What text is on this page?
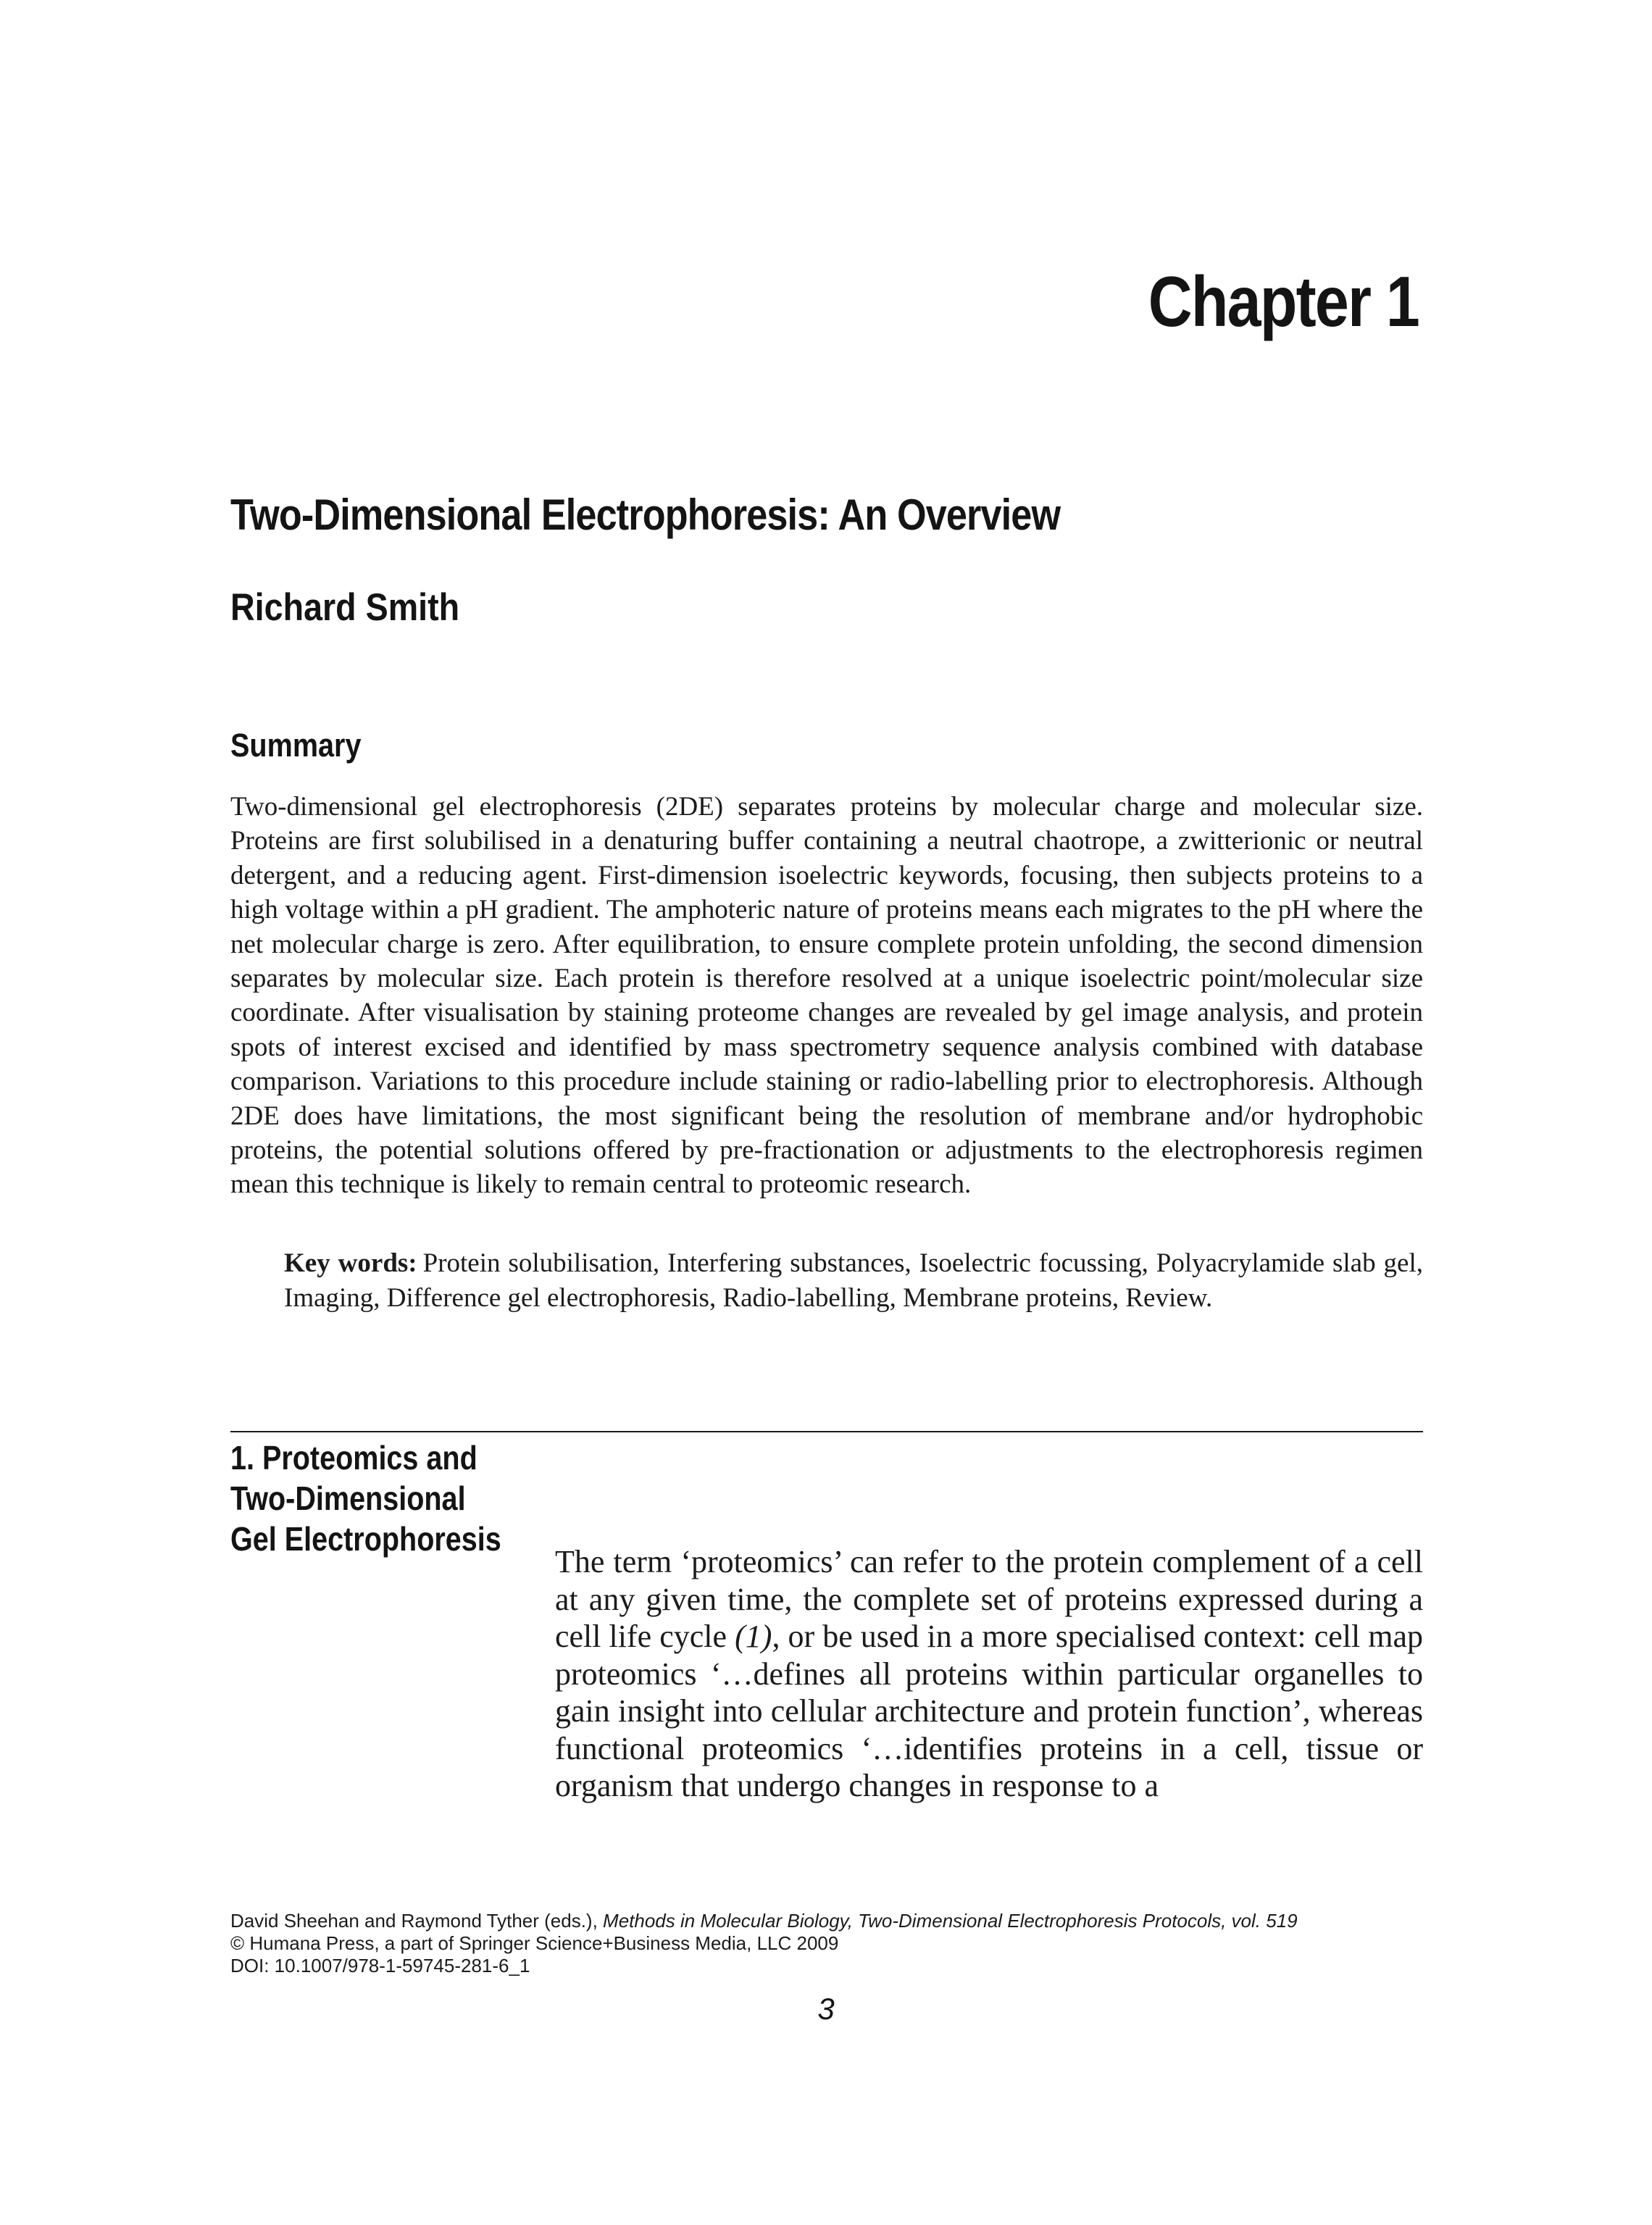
Chapter 1
Two-Dimensional Electrophoresis: An Overview
Richard Smith
Summary

Two-dimensional gel electrophoresis (2DE) separates proteins by molecular charge and molecular size. Proteins are first solubilised in a denaturing buffer containing a neutral chaotrope, a zwitterionic or neutral detergent, and a reducing agent. First-dimension isoelectric keywords, focusing, then subjects proteins to a high voltage within a pH gradient. The amphoteric nature of proteins means each migrates to the pH where the net molecular charge is zero. After equilibration, to ensure complete protein unfolding, the second dimension separates by molecular size. Each protein is therefore resolved at a unique isoelectric point/molecular size coordinate. After visualisation by staining proteome changes are revealed by gel image analysis, and protein spots of interest excised and identified by mass spectrometry sequence analysis combined with database comparison. Variations to this procedure include staining or radio-labelling prior to electrophoresis. Although 2DE does have limitations, the most significant being the resolution of membrane and/or hydrophobic proteins, the potential solutions offered by pre-fractionation or adjustments to the electrophoresis regimen mean this technique is likely to remain central to proteomic research.

Key words: Protein solubilisation, Interfering substances, Isoelectric focussing, Polyacrylamide slab gel, Imaging, Difference gel electrophoresis, Radio-labelling, Membrane proteins, Review.

1. Proteomics and
Two-Dimensional
Gel Electrophoresis

The term ‘proteomics’ can refer to the protein complement of a cell at any given time, the complete set of proteins expressed during a cell life cycle (1), or be used in a more specialised context: cell map proteomics ‘…defines all proteins within particular organelles to gain insight into cellular architecture and protein function’, whereas functional proteomics ‘…identifies proteins in a cell, tissue or organism that undergo changes in response to a

David Sheehan and Raymond Tyther (eds.), Methods in Molecular Biology, Two-Dimensional Electrophoresis Protocols, vol. 519
© Humana Press, a part of Springer Science+Business Media, LLC 2009
DOI: 10.1007/978-1-59745-281-6_1
3
